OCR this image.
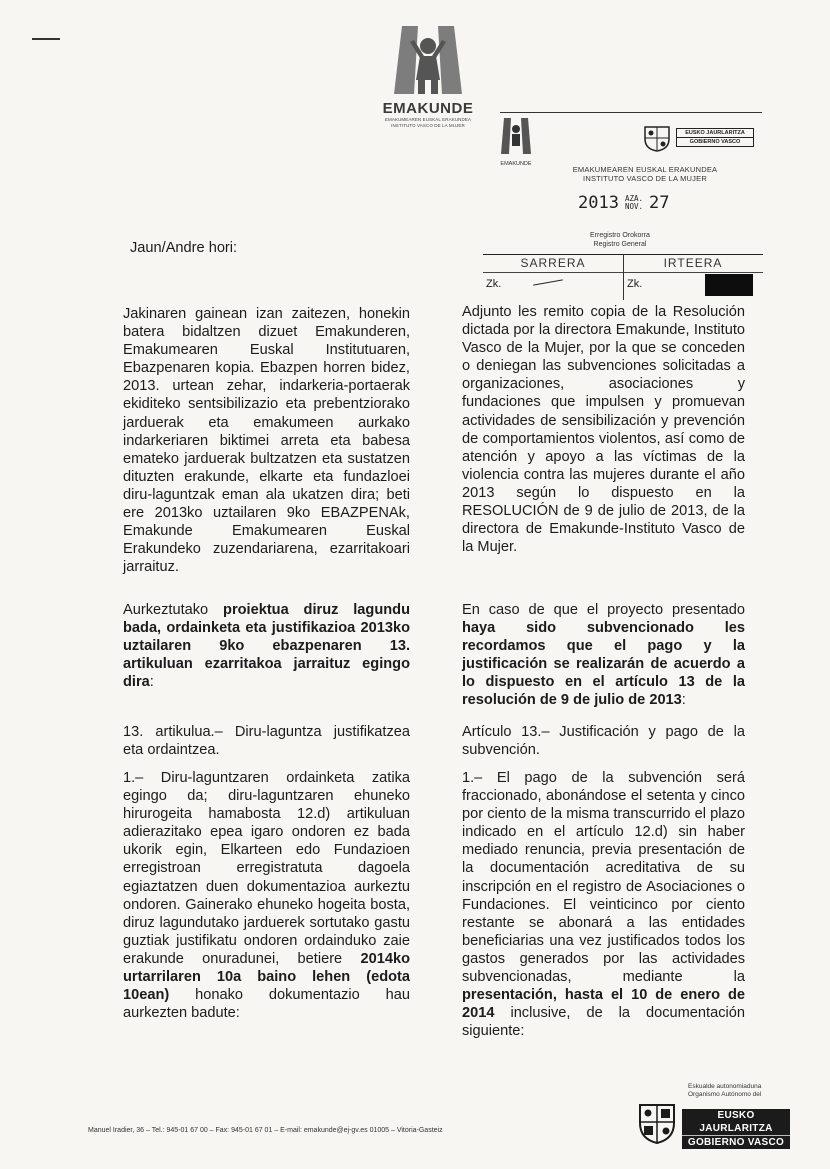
EMAKUNDE
EMAKUMEAREN EUSKAL ERAKUNDEA
INSTITUTO VASCO DE LA MUJER
EMAKUNDE
EUSKO JAURLARITZA
GOBIERNO VASCO
EMAKUMEAREN EUSKAL ERAKUNDEA
INSTITUTO VASCO DE LA MUJER
2013 AZA.
NOV. 27
Erregistro Orokorra
Registro General
SARRERA	IRTEERA
Zk.	Zk.
Jaun/Andre hori:
Jakinaren gainean izan zaitezen, honekin batera bidaltzen dizuet Emakunderen, Emakumearen Euskal Institutuaren, Ebazpenaren kopia. Ebazpen horren bidez, 2013. urtean zehar, indarkeria-portaerak ekiditeko sentsibilizazio eta prebentziorako jarduerak eta emakumeen aurkako indarkeriaren biktimei arreta eta babesa emateko jarduerak bultzatzen eta sustatzen dituzten erakunde, elkarte eta fundazloei diru-laguntzak eman ala ukatzen dira; beti ere 2013ko uztailaren 9ko EBAZPENAk, Emakunde Emakumearen Euskal Erakundeko zuzendariarena, ezarritakoari jarraituz.
Aurkeztutako proiektua diruz lagundu bada, ordainketa eta justifikazioa 2013ko uztailaren 9ko ebazpenaren 13. artikuluan ezarritakoa jarraituz egingo dira:
13. artikulua.– Diru-laguntza justifikatzea eta ordaintzea.
1.– Diru-laguntzaren ordainketa zatika egingo da; diru-laguntzaren ehuneko hirurogeita hamabosta 12.d) artikuluan adierazitako epea igaro ondoren ez bada ukorik egin, Elkarteen edo Fundazioen erregistroan erregistratuta dagoela egiaztatzen duen dokumentazioa aurkeztu ondoren. Gainerako ehuneko hogeita bosta, diruz lagundutako jarduerek sortutako gastu guztiak justifikatu ondoren ordainduko zaie erakunde onuradunei, betiere 2014ko urtarrilaren 10a baino lehen (edota 10ean) honako dokumentazio hau aurkezten badute:
Adjunto les remito copia de la Resolución dictada por la directora Emakunde, Instituto Vasco de la Mujer, por la que se conceden o deniegan las subvenciones solicitadas a organizaciones, asociaciones y fundaciones que impulsen y promuevan actividades de sensibilización y prevención de comportamientos violentos, así como de atención y apoyo a las víctimas de la violencia contra las mujeres durante el año 2013 según lo dispuesto en la RESOLUCIÓN de 9 de julio de 2013, de la directora de Emakunde-Instituto Vasco de la Mujer.
En caso de que el proyecto presentado haya sido subvencionado les recordamos que el pago y la justificación se realizarán de acuerdo a lo dispuesto en el artículo 13 de la resolución de 9 de julio de 2013:
Artículo 13.– Justificación y pago de la subvención.
1.– El pago de la subvención será fraccionado, abonándose el setenta y cinco por ciento de la misma transcurrido el plazo indicado en el artículo 12.d) sin haber mediado renuncia, previa presentación de la documentación acreditativa de su inscripción en el registro de Asociaciones o Fundaciones. El veinticinco por ciento restante se abonará a las entidades beneficiarias una vez justificados todos los gastos generados por las actividades subvencionadas, mediante la presentación, hasta el 10 de enero de 2014 inclusive, de la documentación siguiente:
Manuel Iradier, 36 – Tel.: 945-01 67 00 – Fax: 945-01 67 01 – E-mail: emakunde@ej-gv.es 01005 – Vitoria-Gasteiz
Eskualde autonomiaduna
Organismo Autónomo del
EUSKO JAURLARITZA
GOBIERNO VASCO
